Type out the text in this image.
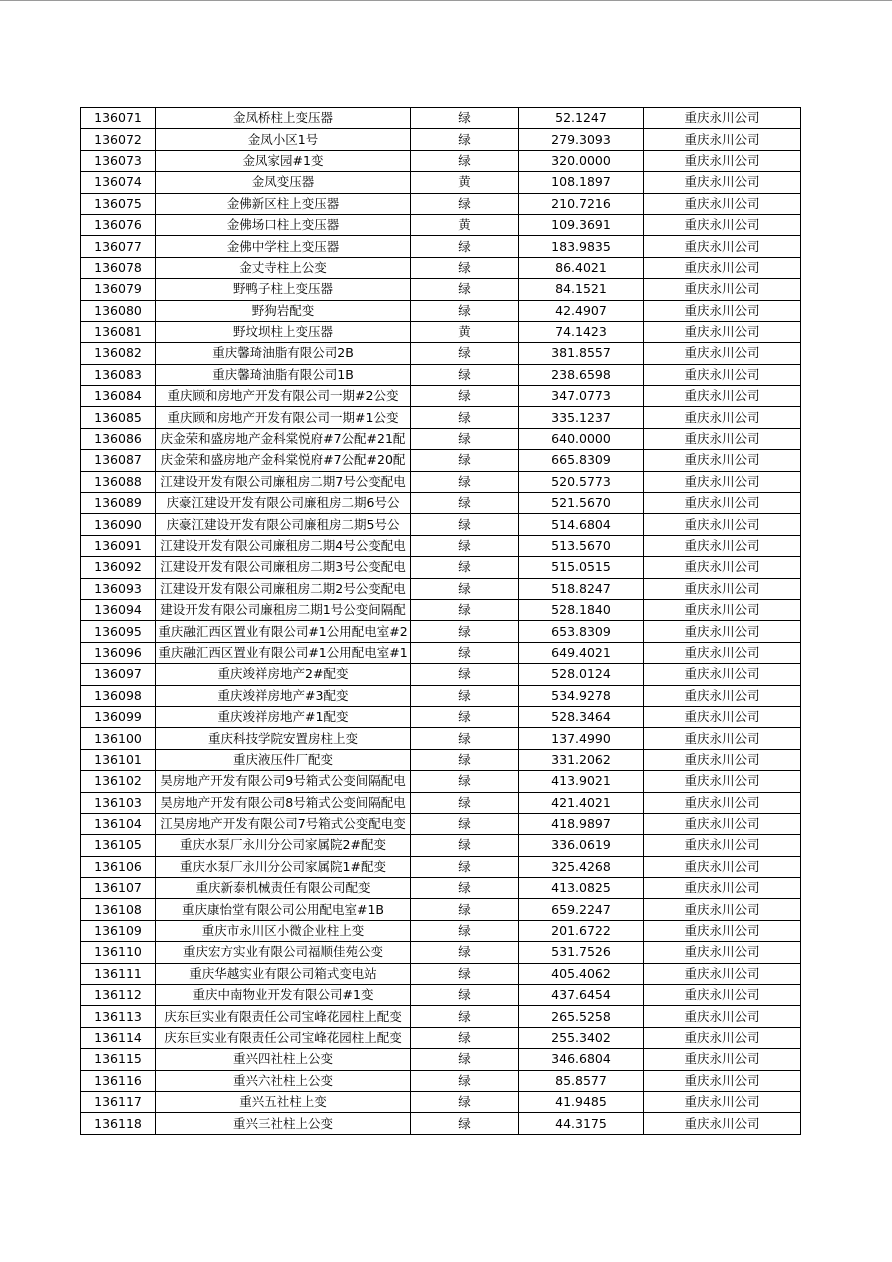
136071	金凤桥柱上变压器	绿	52.1247	重庆永川公司
136072	金凤小区1号	绿	279.3093	重庆永川公司
136073	金凤家园#1变	绿	320.0000	重庆永川公司
136074	金凤变压器	黄	108.1897	重庆永川公司
136075	金佛新区柱上变压器	绿	210.7216	重庆永川公司
136076	金佛场口柱上变压器	黄	109.3691	重庆永川公司
136077	金佛中学柱上变压器	绿	183.9835	重庆永川公司
136078	金丈寺柱上公变	绿	86.4021	重庆永川公司
136079	野鸭子柱上变压器	绿	84.1521	重庆永川公司
136080	野狗岩配变	绿	42.4907	重庆永川公司
136081	野坟坝柱上变压器	黄	74.1423	重庆永川公司
136082	重庆馨琦油脂有限公司2B	绿	381.8557	重庆永川公司
136083	重庆馨琦油脂有限公司1B	绿	238.6598	重庆永川公司
136084	重庆顾和房地产开发有限公司一期#2公变	绿	347.0773	重庆永川公司
136085	重庆顾和房地产开发有限公司一期#1公变	绿	335.1237	重庆永川公司
136086	庆金荣和盛房地产金科棠悦府#7公配#21配	绿	640.0000	重庆永川公司
136087	庆金荣和盛房地产金科棠悦府#7公配#20配	绿	665.8309	重庆永川公司
136088	江建设开发有限公司廉租房二期7号公变配电	绿	520.5773	重庆永川公司
136089	庆豪江建设开发有限公司廉租房二期6号公	绿	521.5670	重庆永川公司
136090	庆豪江建设开发有限公司廉租房二期5号公	绿	514.6804	重庆永川公司
136091	江建设开发有限公司廉租房二期4号公变配电	绿	513.5670	重庆永川公司
136092	江建设开发有限公司廉租房二期3号公变配电	绿	515.0515	重庆永川公司
136093	江建设开发有限公司廉租房二期2号公变配电	绿	518.8247	重庆永川公司
136094	建设开发有限公司廉租房二期1号公变间隔配	绿	528.1840	重庆永川公司
136095	重庆融汇西区置业有限公司#1公用配电室#2	绿	653.8309	重庆永川公司
136096	重庆融汇西区置业有限公司#1公用配电室#1	绿	649.4021	重庆永川公司
136097	重庆竣祥房地产2#配变	绿	528.0124	重庆永川公司
136098	重庆竣祥房地产#3配变	绿	534.9278	重庆永川公司
136099	重庆竣祥房地产#1配变	绿	528.3464	重庆永川公司
136100	重庆科技学院安置房柱上变	绿	137.4990	重庆永川公司
136101	重庆液压件厂配变	绿	331.2062	重庆永川公司
136102	昊房地产开发有限公司9号箱式公变间隔配电	绿	413.9021	重庆永川公司
136103	昊房地产开发有限公司8号箱式公变间隔配电	绿	421.4021	重庆永川公司
136104	江昊房地产开发有限公司7号箱式公变配电变	绿	418.9897	重庆永川公司
136105	重庆水泵厂永川分公司家属院2#配变	绿	336.0619	重庆永川公司
136106	重庆水泵厂永川分公司家属院1#配变	绿	325.4268	重庆永川公司
136107	重庆新泰机械责任有限公司配变	绿	413.0825	重庆永川公司
136108	重庆康怡堂有限公司公用配电室#1B	绿	659.2247	重庆永川公司
136109	重庆市永川区小微企业柱上变	绿	201.6722	重庆永川公司
136110	重庆宏方实业有限公司福顺佳苑公变	绿	531.7526	重庆永川公司
136111	重庆华越实业有限公司箱式变电站	绿	405.4062	重庆永川公司
136112	重庆中南物业开发有限公司#1变	绿	437.6454	重庆永川公司
136113	庆东巨实业有限责任公司宝峰花园柱上配变	绿	265.5258	重庆永川公司
136114	庆东巨实业有限责任公司宝峰花园柱上配变	绿	255.3402	重庆永川公司
136115	重兴四社柱上公变	绿	346.6804	重庆永川公司
136116	重兴六社柱上公变	绿	85.8577	重庆永川公司
136117	重兴五社柱上变	绿	41.9485	重庆永川公司
136118	重兴三社柱上公变	绿	44.3175	重庆永川公司
